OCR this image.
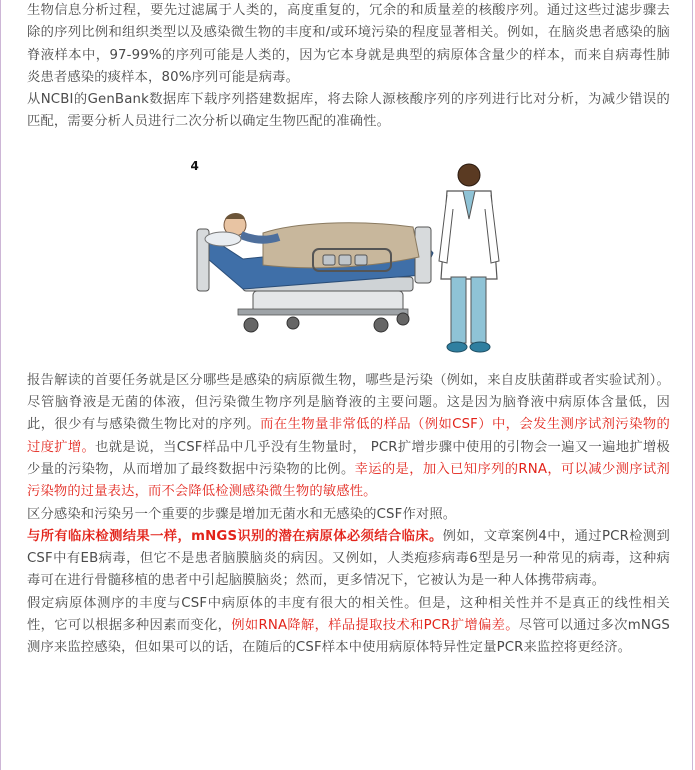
生物信息分析过程，要先过滤属于人类的，高度重复的，冗余的和质量差的核酸序列。通过这些过滤步骤去除的序列比例和组织类型以及感染微生物的丰度和/或环境污染的程度显著相关。例如，在脑炎患者感染的脑脊液样本中，97-99%的序列可能是人类的，因为它本身就是典型的病原体含量少的样本，而来自病毒性肺炎患者感染的痰样本，80%序列可能是病毒。

从NCBI的GenBank数据库下载序列搭建数据库，将去除人源核酸序列的序列进行比对分析，为减少错误的匹配，需要分析人员进行二次分析以确定生物匹配的准确性。

4

报告解读的首要任务就是区分哪些是感染的病原微生物，哪些是污染（例如，来自皮肤菌群或者实验试剂）。尽管脑脊液是无菌的体液，但污染微生物序列是脑脊液的主要问题。这是因为脑脊液中病原体含量低，因此，很少有与感染微生物比对的序列。而在生物量非常低的样品（例如CSF）中，会发生测序试剂污染物的过度扩增。也就是说，当CSF样品中几乎没有生物量时， PCR扩增步骤中使用的引物会一遍又一遍地扩增极少量的污染物，从而增加了最终数据中污染物的比例。幸运的是，加入已知序列的RNA，可以减少测序试剂污染物的过量表达，而不会降低检测感染微生物的敏感性。

区分感染和污染另一个重要的步骤是增加无菌水和无感染的CSF作对照。

与所有临床检测结果一样，mNGS识别的潜在病原体必须结合临床。例如，文章案例4中，通过PCR检测到CSF中有EB病毒，但它不是患者脑膜脑炎的病因。又例如，人类疱疹病毒6型是另一种常见的病毒，这种病毒可在进行骨髓移植的患者中引起脑膜脑炎；然而，更多情况下，它被认为是一种人体携带病毒。

假定病原体测序的丰度与CSF中病原体的丰度有很大的相关性。但是，这种相关性并不是真正的线性相关性，它可以根据多种因素而变化，例如RNA降解，样品提取技术和PCR扩增偏差。尽管可以通过多次mNGS测序来监控感染，但如果可以的话，在随后的CSF样本中使用病原体特异性定量PCR来监控将更经济。
